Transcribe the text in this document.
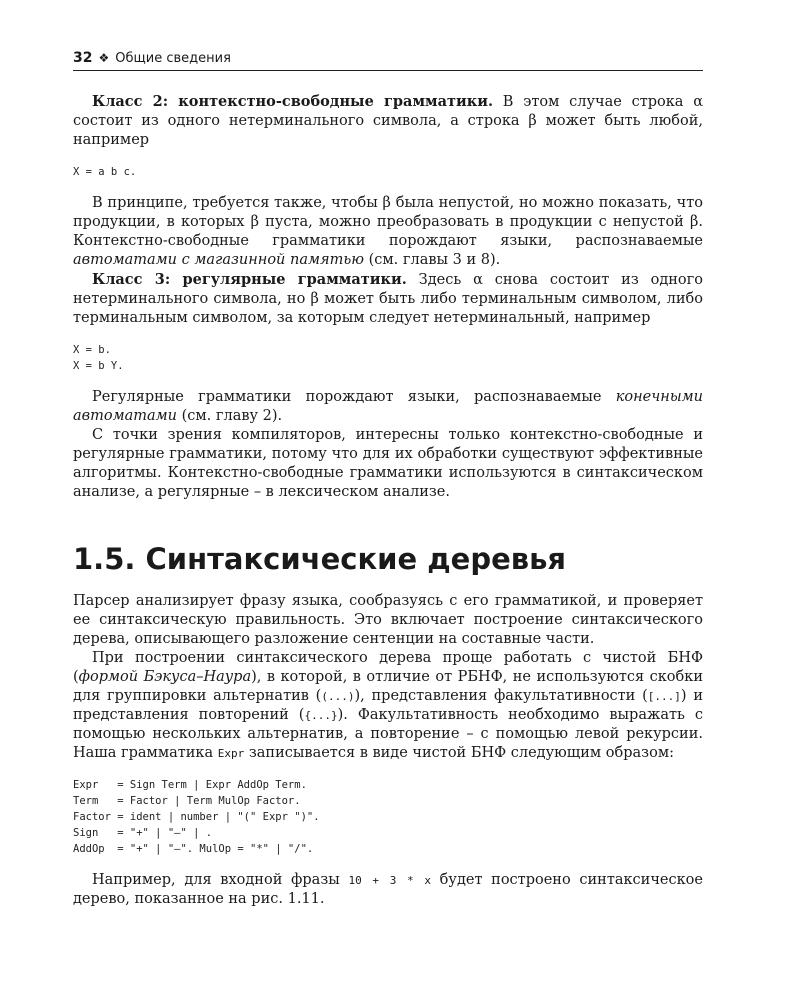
32 ❖ Общие сведения

Класс 2: контекстно-свободные грамматики. В этом случае строка α состоит из одного нетерминального символа, а строка β может быть любой, например

X = a b c.

В принципе, требуется также, чтобы β была непустой, но можно показать, что продукции, в которых β пуста, можно преобразовать в продукции с непустой β. Контекстно-свободные грамматики порождают языки, распознаваемые автоматами с магазинной памятью (см. главы 3 и 8).

Класс 3: регулярные грамматики. Здесь α снова состоит из одного нетерминального символа, но β может быть либо терминальным символом, либо терминальным символом, за которым следует нетерминальный, например

X = b.
X = b Y.

Регулярные грамматики порождают языки, распознаваемые конечными автоматами (см. главу 2).

С точки зрения компиляторов, интересны только контекстно-свободные и регулярные грамматики, потому что для их обработки существуют эффективные алгоритмы. Контекстно-свободные грамматики используются в синтаксическом анализе, а регулярные – в лексическом анализе.

1.5. Синтаксические деревья

Парсер анализирует фразу языка, сообразуясь с его грамматикой, и проверяет ее синтаксическую правильность. Это включает построение синтаксического дерева, описывающего разложение сентенции на составные части.

При построении синтаксического дерева проще работать с чистой БНФ (формой Бэкуса–Наура), в которой, в отличие от РБНФ, не используются скобки для группировки альтернатив ((...)), представления факультативности ([...]) и представления повторений ({...}). Факультативность необходимо выражать с помощью нескольких альтернатив, а повторение – с помощью левой рекурсии. Наша грамматика Expr записывается в виде чистой БНФ следующим образом:

Expr   = Sign Term | Expr AddOp Term.
Term   = Factor | Term MulOp Factor.
Factor = ident | number | "(" Expr ")".
Sign   = "+" | "–" | .
AddOp  = "+" | "–". MulOp = "*" | "/".

Например, для входной фразы 10 + 3 * x будет построено синтаксическое дерево, показанное на рис. 1.11.
